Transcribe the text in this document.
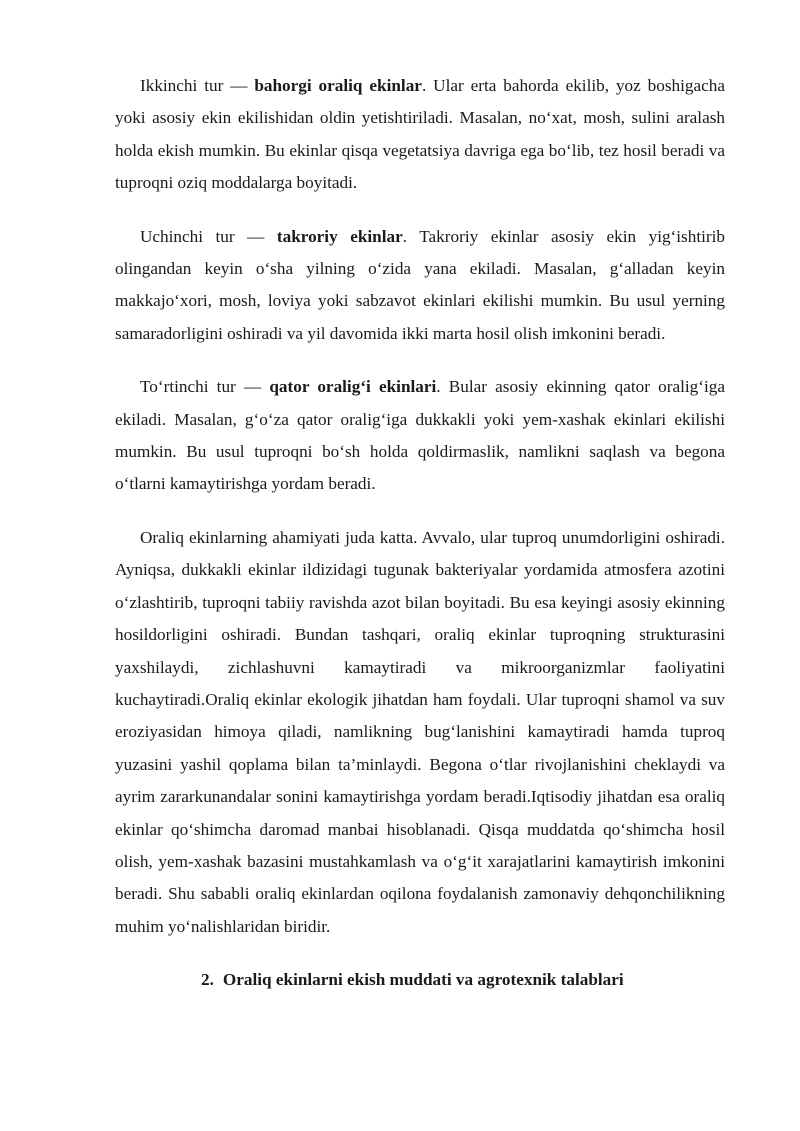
Ikkinchi tur — bahorgi oraliq ekinlar. Ular erta bahorda ekilib, yoz boshigacha yoki asosiy ekin ekilishidan oldin yetishtiriladi. Masalan, no‘xat, mosh, sulini aralash holda ekish mumkin. Bu ekinlar qisqa vegetatsiya davriga ega bo‘lib, tez hosil beradi va tuproqni oziq moddalarga boyitadi.

Uchinchi tur — takroriy ekinlar. Takroriy ekinlar asosiy ekin yig‘ishtirib olingandan keyin o‘sha yilning o‘zida yana ekiladi. Masalan, g‘alladan keyin makkajo‘xori, mosh, loviya yoki sabzavot ekinlari ekilishi mumkin. Bu usul yerning samaradorligini oshiradi va yil davomida ikki marta hosil olish imkonini beradi.

To‘rtinchi tur — qator oralig‘i ekinlari. Bular asosiy ekinning qator oralig‘iga ekiladi. Masalan, g‘o‘za qator oralig‘iga dukkakli yoki yem-xashak ekinlari ekilishi mumkin. Bu usul tuproqni bo‘sh holda qoldirmaslik, namlikni saqlash va begona o‘tlarni kamaytirishga yordam beradi.

Oraliq ekinlarning ahamiyati juda katta. Avvalo, ular tuproq unumdorligini oshiradi. Ayniqsa, dukkakli ekinlar ildizidagi tugunak bakteriyalar yordamida atmosfera azotini o‘zlashtirib, tuproqni tabiiy ravishda azot bilan boyitadi. Bu esa keyingi asosiy ekinning hosildorligini oshiradi. Bundan tashqari, oraliq ekinlar tuproqning strukturasini yaxshilaydi, zichlashuvni kamaytiradi va mikroorganizmlar faoliyatini kuchaytiradi.Oraliq ekinlar ekologik jihatdan ham foydali. Ular tuproqni shamol va suv eroziyasidan himoya qiladi, namlikning bug‘lanishini kamaytiradi hamda tuproq yuzasini yashil qoplama bilan ta’minlaydi. Begona o‘tlar rivojlanishini cheklaydi va ayrim zararkunandalar sonini kamaytirishga yordam beradi.Iqtisodiy jihatdan esa oraliq ekinlar qo‘shimcha daromad manbai hisoblanadi. Qisqa muddatda qo‘shimcha hosil olish, yem-xashak bazasini mustahkamlash va o‘g‘it xarajatlarini kamaytirish imkonini beradi. Shu sababli oraliq ekinlardan oqilona foydalanish zamonaviy dehqonchilikning muhim yo‘nalishlaridan biridir.

2. Oraliq ekinlarni ekish muddati va agrotexnik talablari
